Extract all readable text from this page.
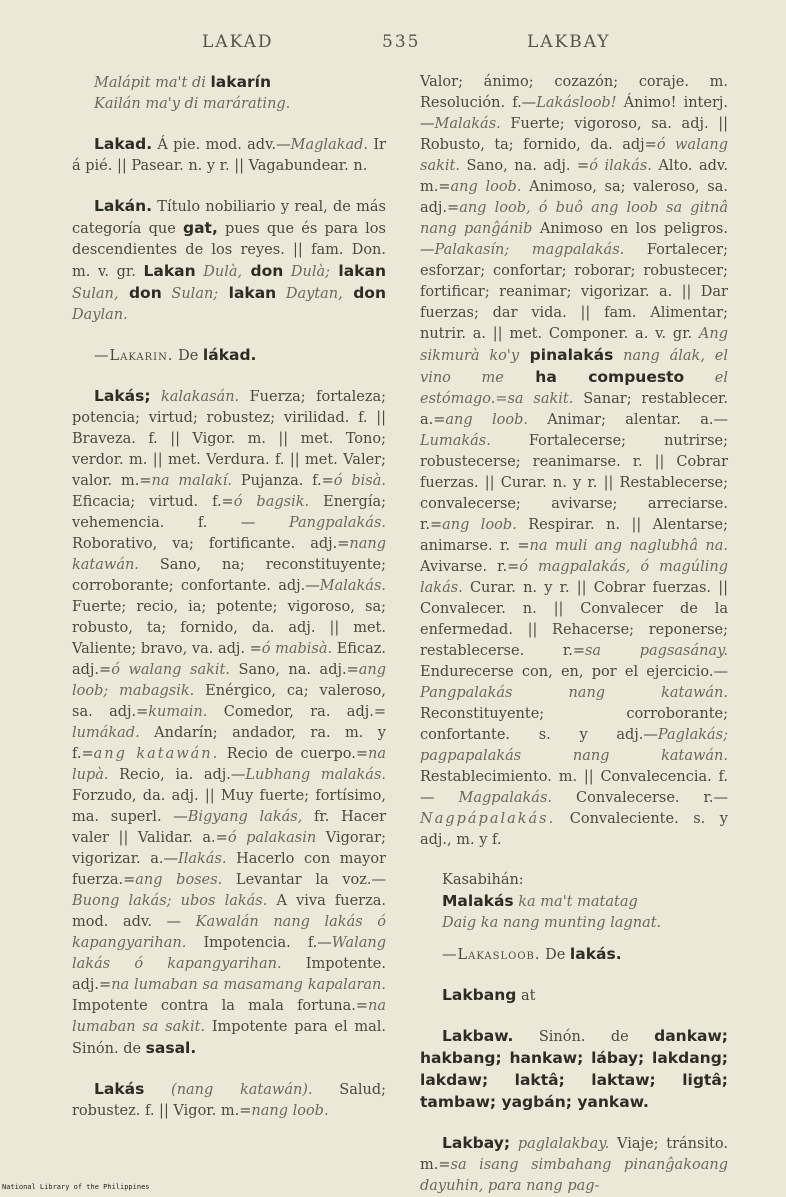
LAKAD	535	LAKBAY

Malápit ma't di lakarín
Kailán ma'y di marárating.

Lakad. Á pie. mod. adv.—Maglakad. Ir á pié. || Pasear. n. y r. || Vagabundear. n.

Lakán. Título nobiliario y real, de más categoría que gat, pues que és para los descendientes de los reyes. || fam. Don. m. v. gr. Lakan Dulà, don Dulà; lakan Sulan, don Sulan; lakan Daytan, don Daylan.

—Lakarin. De lákad.

Lakás; kalakasán. Fuerza; fortaleza; potencia; virtud; robustez; virilidad. f. || Braveza. f. || Vigor. m. || met. Tono; verdor. m. || met. Verdura. f. || met. Valer; valor. m.=na malakí. Pujanza. f.=ó bisà. Eficacia; virtud. f.=ó bagsik. Energía; vehemencia. f. — Pangpalakás. Roborativo, va; fortificante. adj.=nang katawán. Sano, na; reconstituyente; corroborante; confortante. adj.—Malakás. Fuerte; recio, ia; potente; vigoroso, sa; robusto, ta; fornido, da. adj. || met. Valiente; bravo, va. adj. =ó mabisà. Eficaz. adj.=ó walang sakit. Sano, na. adj.=ang loob; mabagsik. Enérgico, ca; valeroso, sa. adj.=kumain. Comedor, ra. adj.= lumákad. Andarín; andador, ra. m. y f.=ang katawán. Recio de cuerpo.=na lupà. Recio, ia. adj.—Lubhang malakás. Forzudo, da. adj. || Muy fuerte; fortísimo, ma. superl. —Bigyang lakás, fr. Hacer valer || Validar. a.=ó palakasin Vigorar; vigorizar. a.—Ilakás. Hacerlo con mayor fuerza.=ang boses. Levantar la voz.—Buong lakás; ubos lakás. A viva fuerza. mod. adv. — Kawalán nang lakás ó kapangyarihan. Impotencia. f.—Walang lakás ó kapangyarihan. Impotente. adj.=na lumaban sa masamang kapalaran. Impotente contra la mala fortuna.=na lumaban sa sakit. Impotente para el mal. Sinón. de sasal.

Lakás (nang katawán). Salud; robustez. f. || Vigor. m.=nang loob.

Valor; ánimo; cozazón; coraje. m. Resolución. f.—Lakásloob! Ánimo! interj.—Malakás. Fuerte; vigoroso, sa. adj. || Robusto, ta; fornido, da. adj=ó walang sakit. Sano, na. adj. =ó ilakás. Alto. adv. m.=ang loob. Animoso, sa; valeroso, sa. adj.=ang loob, ó buô ang loob sa gitnâ nang panĝánib Animoso en los peligros.—Palakasín; magpalakás. Fortalecer; esforzar; confortar; roborar; robustecer; fortificar; reanimar; vigorizar. a. || Dar fuerzas; dar vida. || fam. Alimentar; nutrir. a. || met. Componer. a. v. gr. Ang sikmurà ko'y pinalakás nang álak, el vino me ha compuesto el estómago.=sa sakit. Sanar; restablecer. a.=ang loob. Animar; alentar. a.—Lumakás. Fortalecerse; nutrirse; robustecerse; reanimarse. r. || Cobrar fuerzas. || Curar. n. y r. || Restablecerse; convalecerse; avivarse; arreciarse. r.=ang loob. Respirar. n. || Alentarse; animarse. r. =na muli ang naglubhâ na. Avivarse. r.=ó magpalakás, ó magúling lakás. Curar. n. y r. || Cobrar fuerzas. || Convalecer. n. || Convalecer de la enfermedad. || Rehacerse; reponerse; restablecerse. r.=sa pagsasánay. Endurecerse con, en, por el ejercicio.—Pangpalakás nang katawán. Reconstituyente; corroborante; confortante. s. y adj.—Paglakás; pagpapalakás nang katawán. Restablecimiento. m. || Convalecencia. f. — Magpalakás. Convalecerse. r.—Nagpápalakás. Convaleciente. s. y adj., m. y f.

Kasabihán:

Malakás ka ma't matatag
Daig ka nang munting lagnat.

—Lakasloob. De lakás.

Lakbang at

Lakbaw. Sinón. de dankaw; hakbang; hankaw; lábay; lakdang; lakdaw; laktâ; laktaw; ligtâ; tambaw; yagbán; yankaw.

Lakbay; paglalakbay. Viaje; tránsito. m.=sa isang simbahang pinanĝakoang dayuhin, para nang pag-

National Library of the Philippines
